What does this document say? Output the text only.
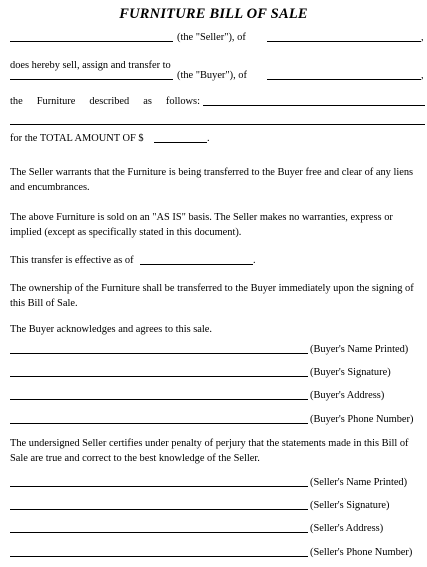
FURNITURE BILL OF SALE
(the "Seller"), of	,
does hereby sell, assign and transfer to
(the "Buyer"), of	,
the Furniture described as follows:
for the TOTAL AMOUNT OF $	.
The Seller warrants that the Furniture is being transferred to the Buyer free and clear of any liens and encumbrances.
The above Furniture is sold on an "AS IS" basis. The Seller makes no warranties, express or implied (except as specifically stated in this document).
This transfer is effective as of	.
The ownership of the Furniture shall be transferred to the Buyer immediately upon the signing of this Bill of Sale.
The Buyer acknowledges and agrees to this sale.
(Buyer's Name Printed)
(Buyer's Signature)
(Buyer's Address)
(Buyer's Phone Number)
The undersigned Seller certifies under penalty of perjury that the statements made in this Bill of Sale are true and correct to the best knowledge of the Seller.
(Seller's Name Printed)
(Seller's Signature)
(Seller's Address)
(Seller's Phone Number)
